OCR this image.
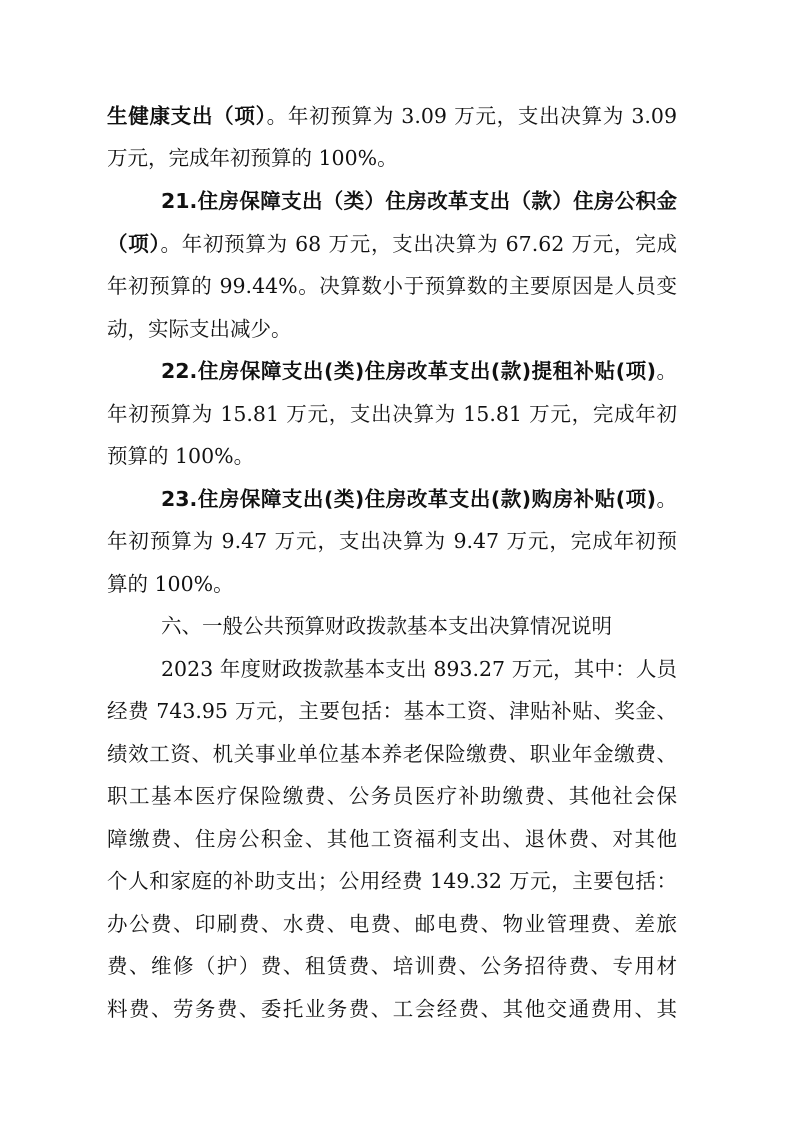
生健康支出（项）。年初预算为 3.09 万元，支出决算为 3.09
万元，完成年初预算的 100%。
21.住房保障支出（类）住房改革支出（款）住房公积金
（项）。年初预算为 68 万元，支出决算为 67.62 万元，完成
年初预算的 99.44%。决算数小于预算数的主要原因是人员变
动，实际支出减少。
22.住房保障支出(类)住房改革支出(款)提租补贴(项)。
年初预算为 15.81 万元，支出决算为 15.81 万元，完成年初
预算的 100%。
23.住房保障支出(类)住房改革支出(款)购房补贴(项)。
年初预算为 9.47 万元，支出决算为 9.47 万元，完成年初预
算的 100%。
六、一般公共预算财政拨款基本支出决算情况说明
2023 年度财政拨款基本支出 893.27 万元，其中：人员
经费 743.95 万元，主要包括：基本工资、津贴补贴、奖金、
绩效工资、机关事业单位基本养老保险缴费、职业年金缴费、
职工基本医疗保险缴费、公务员医疗补助缴费、其他社会保
障缴费、住房公积金、其他工资福利支出、退休费、对其他
个人和家庭的补助支出；公用经费 149.32 万元，主要包括：
办公费、印刷费、水费、电费、邮电费、物业管理费、差旅
费、维修（护）费、租赁费、培训费、公务招待费、专用材
料费、劳务费、委托业务费、工会经费、其他交通费用、其
